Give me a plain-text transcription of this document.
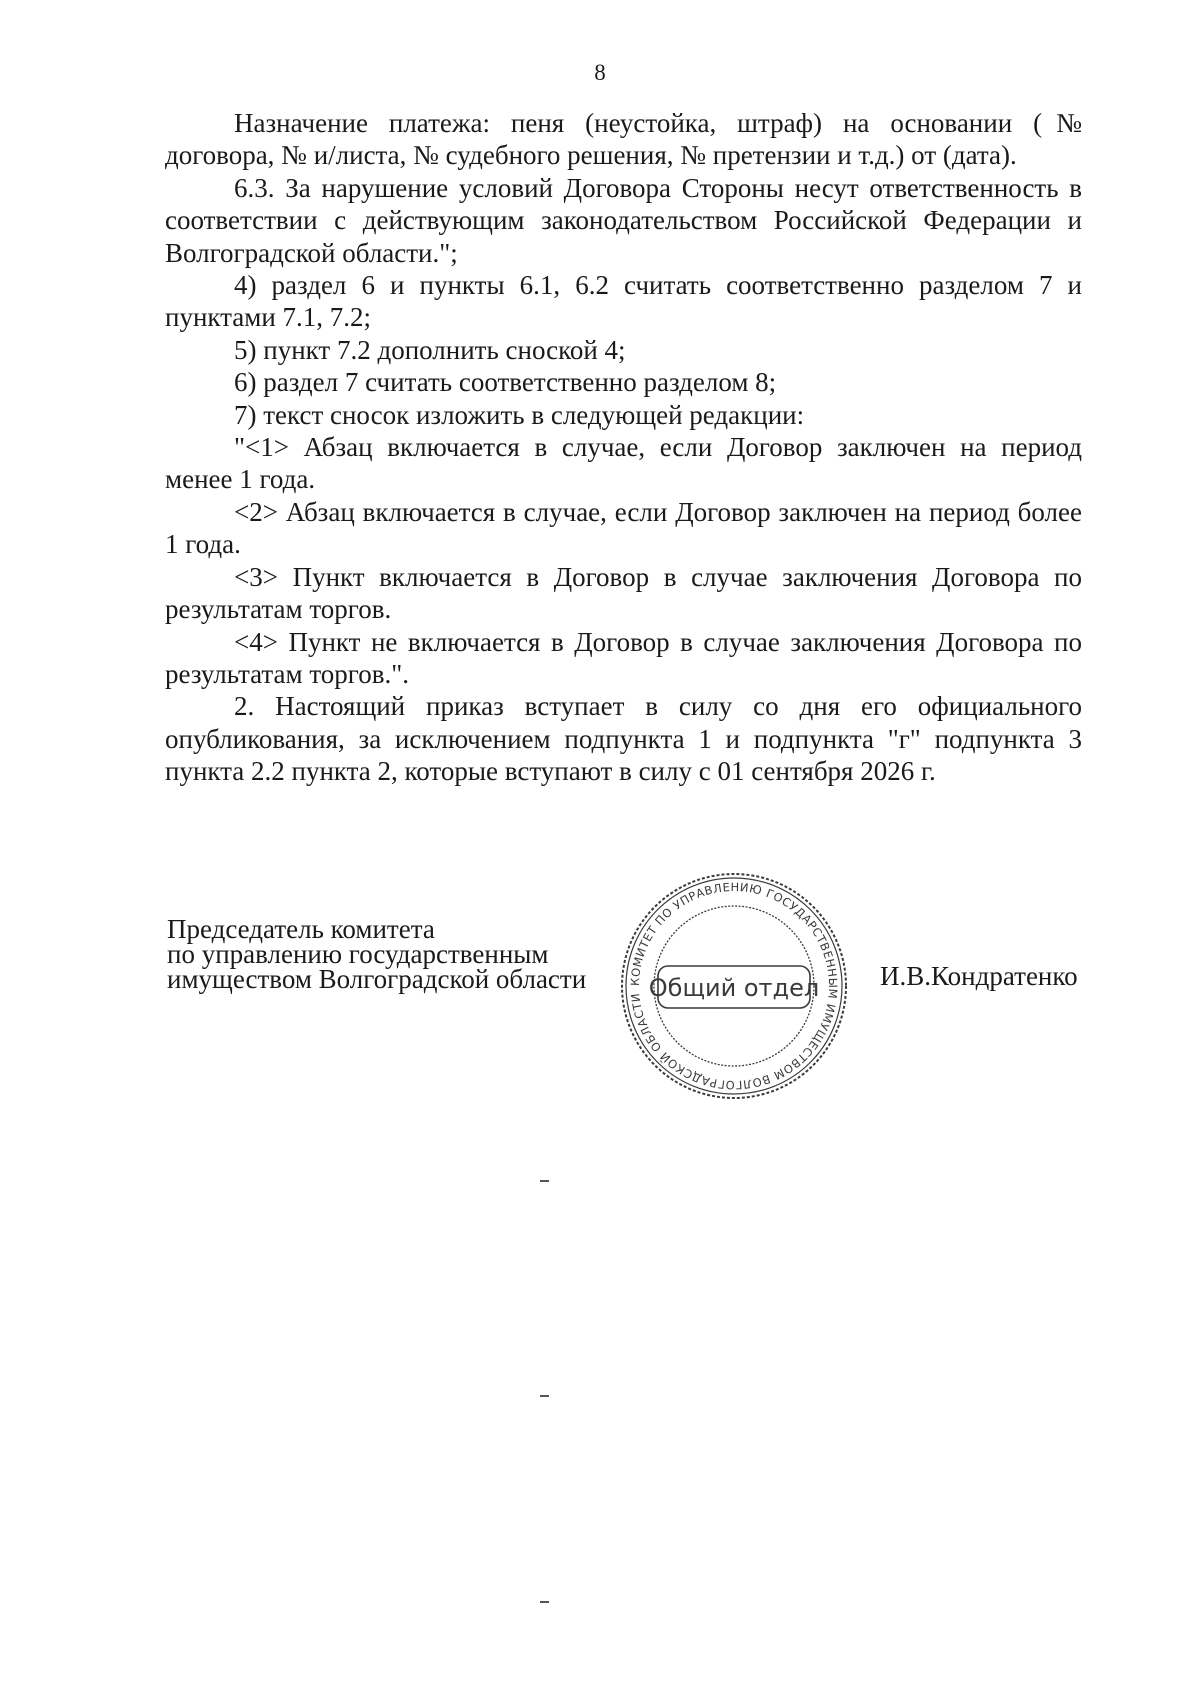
8

Назначение платежа: пеня (неустойка, штраф) на основании (№ договора, № и/листа, № судебного решения, № претензии и т.д.) от (дата).

6.3. За нарушение условий Договора Стороны несут ответственность в соответствии с действующим законодательством Российской Федерации и Волгоградской области.";

4) раздел 6 и пункты 6.1, 6.2 считать соответственно разделом 7 и пунктами 7.1, 7.2;

5) пункт 7.2 дополнить сноской 4;

6) раздел 7 считать соответственно разделом 8;

7) текст сносок изложить в следующей редакции:

"<1> Абзац включается в случае, если Договор заключен на период менее 1 года.

<2> Абзац включается в случае, если Договор заключен на период более 1 года.

<3> Пункт включается в Договор в случае заключения Договора по результатам торгов.

<4> Пункт не включается в Договор в случае заключения Договора по результатам торгов.".

2. Настоящий приказ вступает в силу со дня его официального опубликования, за исключением подпункта 1 и подпункта "г" подпункта 3 пункта 2.2 пункта 2, которые вступают в силу с 01 сентября 2026 г.

Председатель комитета
по управлению государственным
имуществом Волгоградской области	КОМИТЕТ ПО УПРАВЛЕНИЮ ГОСУДАРСТВЕННЫМ ИМУЩЕСТВОМ ВОЛГОГРАДСКОЙ ОБЛАСТИ Общий отдел И.В.Кондратенко
